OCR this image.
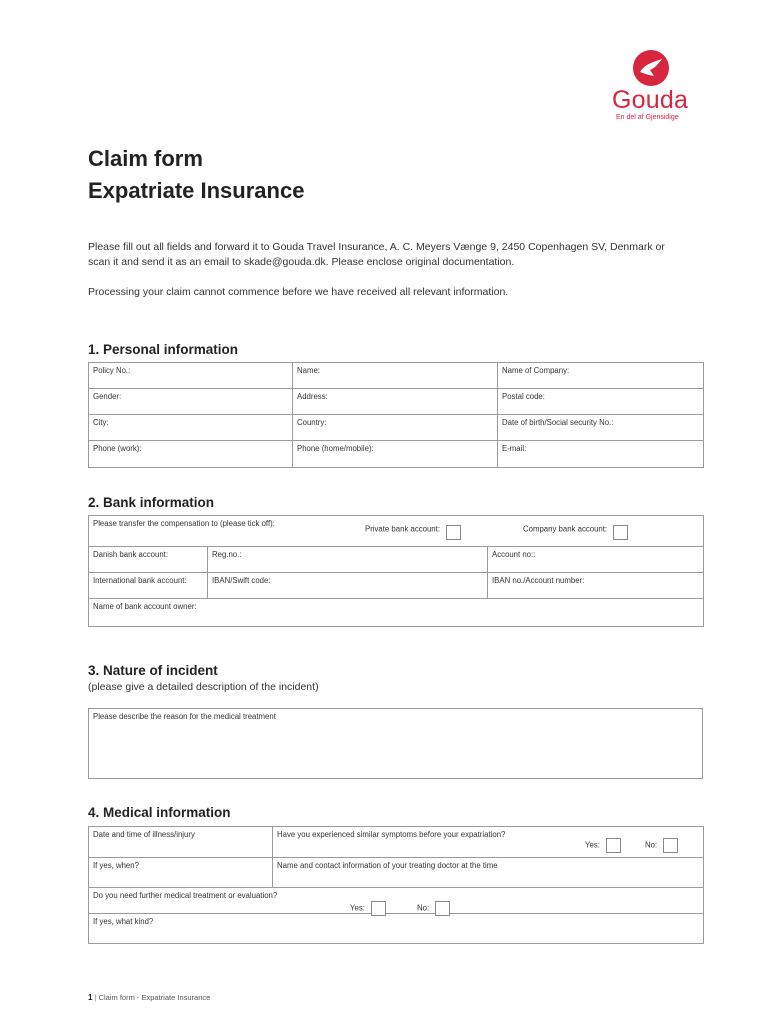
Gouda
En del af Gjensidige
Claim form
Expatriate Insurance
Please fill out all fields and forward it to Gouda Travel Insurance, A. C. Meyers Vænge 9, 2450 Copenhagen SV, Denmark or
scan it and send it as an email to skade@gouda.dk. Please enclose original documentation.
Processing your claim cannot commence before we have received all relevant information.
1. Personal information
Policy No.:	Name:	Name of Company:
Gender:	Address:	Postal code:
City:	Country:	Date of birth/Social security No.:
Phone (work):	Phone (home/mobile):	E-mail:
2. Bank information
Please transfer the compensation to (please tick off):
Private bank account: Company bank account:		

Danish bank account:	Reg.no.:	Account no::
International bank account:	IBAN/Swift code:	IBAN no./Account number:
Name of bank account owner:		
3. Nature of incident
(please give a detailed description of the incident)
Please describe the reason for the medical treatment
4. Medical information
Date and time of illness/injury	Have you experienced similar symptoms before your expatriation?
Yes: No:

If yes, when?	Name and contact information of your treating doctor at the time
Do you need further medical treatment or evaluation?
Yes: No:	

If yes, what kind?	
1 | Claim form - Expatriate Insurance
